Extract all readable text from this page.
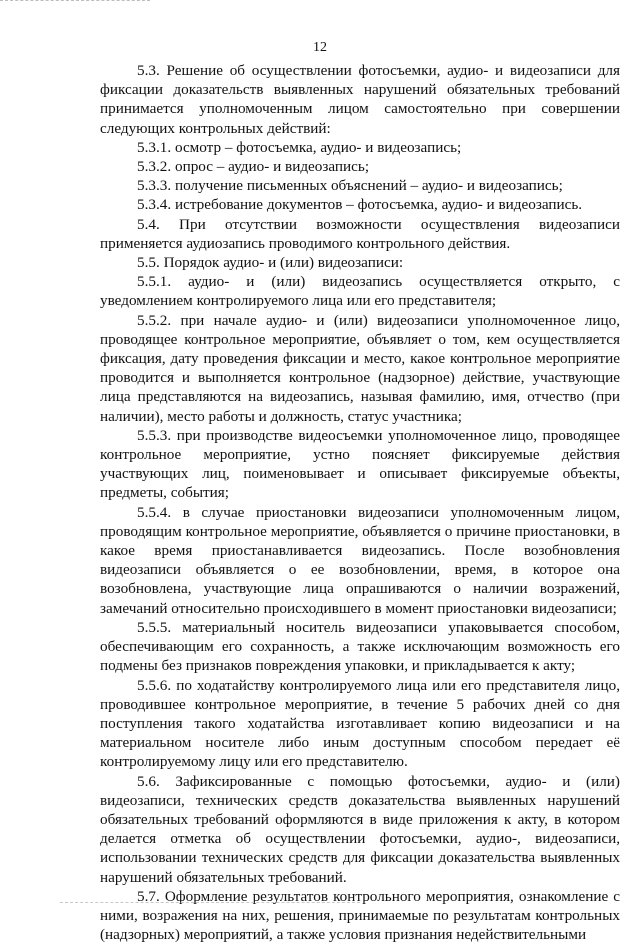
12

5.3. Решение об осуществлении фотосъемки, аудио- и видеозаписи для фиксации доказательств выявленных нарушений обязательных требований принимается уполномоченным лицом самостоятельно при совершении следующих контрольных действий:

5.3.1. осмотр – фотосъемка, аудио- и видеозапись;

5.3.2. опрос – аудио- и видеозапись;

5.3.3. получение письменных объяснений – аудио- и видеозапись;

5.3.4. истребование документов – фотосъемка, аудио- и видеозапись.

5.4. При отсутствии возможности осуществления видеозаписи применяется аудиозапись проводимого контрольного действия.

5.5. Порядок аудио- и (или) видеозаписи:

5.5.1. аудио- и (или) видеозапись осуществляется открыто, с уведомлением контролируемого лица или его представителя;

5.5.2. при начале аудио- и (или) видеозаписи уполномоченное лицо, проводящее контрольное мероприятие, объявляет о том, кем осуществляется фиксация, дату проведения фиксации и место, какое контрольное мероприятие проводится и выполняется контрольное (надзорное) действие, участвующие лица представляются на видеозапись, называя фамилию, имя, отчество (при наличии), место работы и должность, статус участника;

5.5.3. при производстве видеосъемки уполномоченное лицо, проводящее контрольное мероприятие, устно поясняет фиксируемые действия участвующих лиц, поименовывает и описывает фиксируемые объекты, предметы, события;

5.5.4. в случае приостановки видеозаписи уполномоченным лицом, проводящим контрольное мероприятие, объявляется о причине приостановки, в какое время приостанавливается видеозапись. После возобновления видеозаписи объявляется о ее возобновлении, время, в которое она возобновлена, участвующие лица опрашиваются о наличии возражений, замечаний относительно происходившего в момент приостановки видеозаписи;

5.5.5. материальный носитель видеозаписи упаковывается способом, обеспечивающим его сохранность, а также исключающим возможность его подмены без признаков повреждения упаковки, и прикладывается к акту;

5.5.6. по ходатайству контролируемого лица или его представителя лицо, проводившее контрольное мероприятие, в течение 5 рабочих дней со дня поступления такого ходатайства изготавливает копию видеозаписи и на материальном носителе либо иным доступным способом передает её контролируемому лицу или его представителю.

5.6. Зафиксированные с помощью фотосъемки, аудио- и (или) видеозаписи, технических средств доказательства выявленных нарушений обязательных требований оформляются в виде приложения к акту, в котором делается отметка об осуществлении фотосъемки, аудио-, видеозаписи, использовании технических средств для фиксации доказательства выявленных нарушений обязательных требований.

5.7. Оформление результатов контрольного мероприятия, ознакомление с ними, возражения на них, решения, принимаемые по результатам контрольных (надзорных) мероприятий, а также условия признания недействительными
